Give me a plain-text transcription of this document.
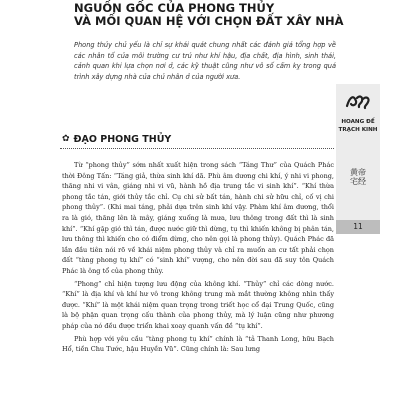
NGUỒN GỐC CỦA PHONG THỦY
VÀ MỐI QUAN HỆ VỚI CHỌN ĐẤT XÂY NHÀ

Phong thủy chủ yếu là chỉ sự khái quát chung nhất các đánh giá tổng hợp về các nhân tố của môi trường cư trú như khí hậu, địa chất, địa hình, sinh thái, cảnh quan khi lựa chọn nơi ở, các kỹ thuật cũng như vô số cấm kỵ trong quá trình xây dựng nhà của chủ nhân ở của người xưa.

✿ ĐẠO PHONG THỦY

Từ “phong thủy” sớm nhất xuất hiện trong sách “Táng Thư” của Quách Phác thời Đông Tấn: “Táng giả, thừa sinh khí dã. Phù âm dương chi khí, ý nhi vi phong, thăng nhi vi vân, giáng nhi vi vũ, hành hồ địa trung tắc vi sinh khí”. “Khí thừa phong tắc tán, giới thủy tắc chỉ. Cụ chi sử bất tán, hành chi sử hữu chỉ, cố vị chi phong thủy”. (Khi mai táng, phải dựa trên sinh khí vậy. Phàm khí âm dương, thổi ra là gió, thăng lên là mây, giáng xuống là mưa, lưu thông trong đất thì là sinh khí”. “Khí gặp gió thì tán, được nước giữ thì dừng, tụ thì khiến không bị phân tán, lưu thông thì khiến cho có điểm dừng, cho nên gọi là phong thủy). Quách Phác đã lần đầu tiên nói rõ về khái niệm phong thủy và chỉ ra muốn an cư tất phải chọn đất “tàng phong tụ khí” có “sinh khí” vượng, cho nên đời sau đã suy tôn Quách Phác là ông tổ của phong thủy.

“Phong” chỉ hiện tượng lưu động của không khí. “Thủy” chỉ các dòng nước. “Khí” là địa khí và khí hư vô trong không trung mà mắt thường không nhìn thấy được. “Khí” là một khái niệm quan trọng trong triết học cổ đại Trung Quốc, cũng là bộ phận quan trọng cấu thành của phong thủy, mà lý luận cũng như phương pháp của nó đều được triển khai xoay quanh vấn đề “tụ khí”.

Phù hợp với yêu cầu “tàng phong tụ khí” chính là “tả Thanh Long, hữu Bạch Hổ, tiền Chu Tước, hậu Huyền Vũ”. Cũng chính là: Sau lưng

HOANG ĐẾ TRẠCH KINH
黄帝宅经
11
